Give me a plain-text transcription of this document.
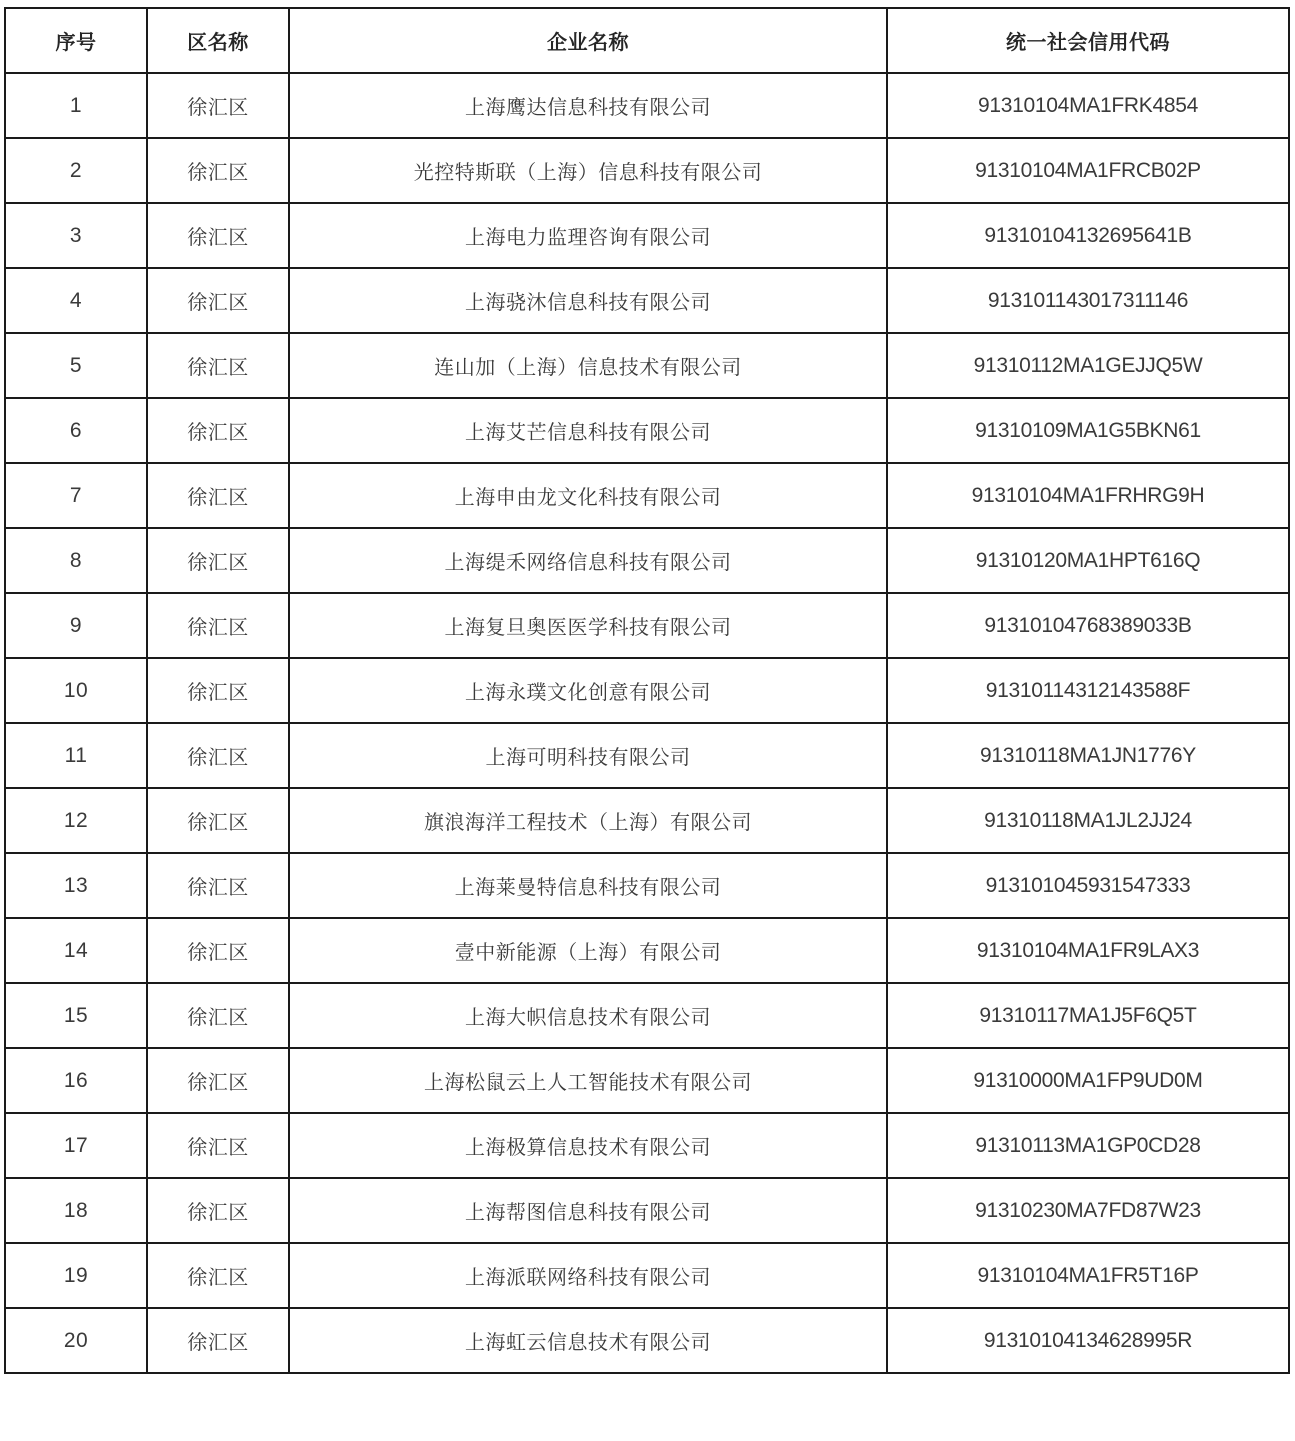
序号	区名称	企业名称	统一社会信用代码
1	徐汇区	上海鹰达信息科技有限公司	91310104MA1FRK4854
2	徐汇区	光控特斯联（上海）信息科技有限公司	91310104MA1FRCB02P
3	徐汇区	上海电力监理咨询有限公司	91310104132695641B
4	徐汇区	上海骁沐信息科技有限公司	913101143017311146
5	徐汇区	连山加（上海）信息技术有限公司	91310112MA1GEJJQ5W
6	徐汇区	上海艾芒信息科技有限公司	91310109MA1G5BKN61
7	徐汇区	上海申由龙文化科技有限公司	91310104MA1FRHRG9H
8	徐汇区	上海缇禾网络信息科技有限公司	91310120MA1HPT616Q
9	徐汇区	上海复旦奥医医学科技有限公司	91310104768389033B
10	徐汇区	上海永璞文化创意有限公司	91310114312143588F
11	徐汇区	上海可明科技有限公司	91310118MA1JN1776Y
12	徐汇区	旗浪海洋工程技术（上海）有限公司	91310118MA1JL2JJ24
13	徐汇区	上海莱曼特信息科技有限公司	913101045931547333
14	徐汇区	壹中新能源（上海）有限公司	91310104MA1FR9LAX3
15	徐汇区	上海大帜信息技术有限公司	91310117MA1J5F6Q5T
16	徐汇区	上海松鼠云上人工智能技术有限公司	91310000MA1FP9UD0M
17	徐汇区	上海极算信息技术有限公司	91310113MA1GP0CD28
18	徐汇区	上海帮图信息科技有限公司	91310230MA7FD87W23
19	徐汇区	上海派联网络科技有限公司	91310104MA1FR5T16P
20	徐汇区	上海虹云信息技术有限公司	91310104134628995R
